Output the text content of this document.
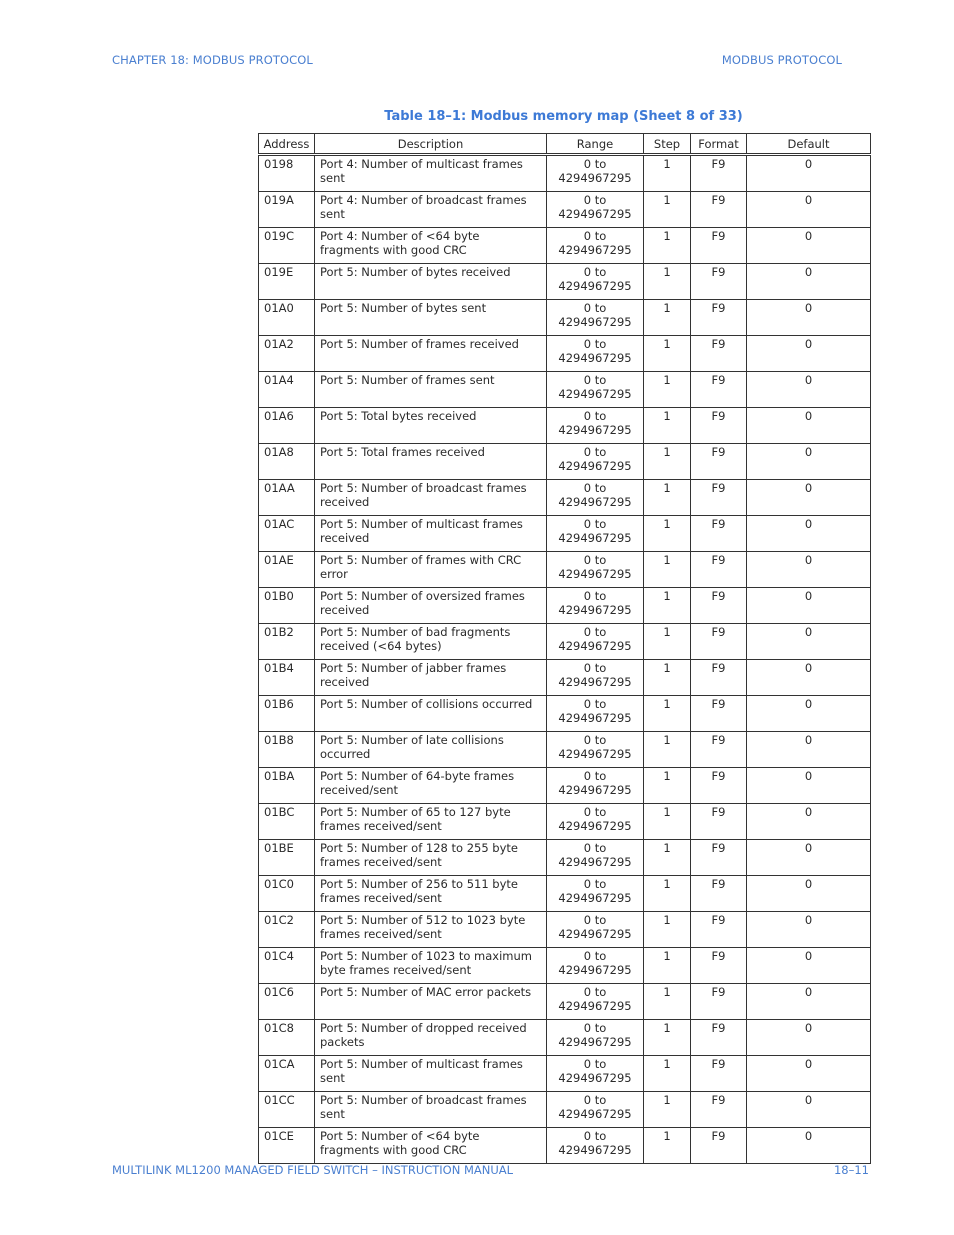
CHAPTER 18: MODBUS PROTOCOL	MODBUS PROTOCOL
Table 18–1: Modbus memory map (Sheet 8 of 33)
Address	Description	Range	Step	Format	Default
0198	Port 4: Number of multicast frames sent	0 to 4294967295	1	F9	0
019A	Port 4: Number of broadcast frames sent	0 to 4294967295	1	F9	0
019C	Port 4: Number of <64 byte fragments with good CRC	0 to 4294967295	1	F9	0
019E	Port 5: Number of bytes received	0 to 4294967295	1	F9	0
01A0	Port 5: Number of bytes sent	0 to 4294967295	1	F9	0
01A2	Port 5: Number of frames received	0 to 4294967295	1	F9	0
01A4	Port 5: Number of frames sent	0 to 4294967295	1	F9	0
01A6	Port 5: Total bytes received	0 to 4294967295	1	F9	0
01A8	Port 5: Total frames received	0 to 4294967295	1	F9	0
01AA	Port 5: Number of broadcast frames received	0 to 4294967295	1	F9	0
01AC	Port 5: Number of multicast frames received	0 to 4294967295	1	F9	0
01AE	Port 5: Number of frames with CRC error	0 to 4294967295	1	F9	0
01B0	Port 5: Number of oversized frames received	0 to 4294967295	1	F9	0
01B2	Port 5: Number of bad fragments received (<64 bytes)	0 to 4294967295	1	F9	0
01B4	Port 5: Number of jabber frames received	0 to 4294967295	1	F9	0
01B6	Port 5: Number of collisions occurred	0 to 4294967295	1	F9	0
01B8	Port 5: Number of late collisions occurred	0 to 4294967295	1	F9	0
01BA	Port 5: Number of 64-byte frames received/sent	0 to 4294967295	1	F9	0
01BC	Port 5: Number of 65 to 127 byte frames received/sent	0 to 4294967295	1	F9	0
01BE	Port 5: Number of 128 to 255 byte frames received/sent	0 to 4294967295	1	F9	0
01C0	Port 5: Number of 256 to 511 byte frames received/sent	0 to 4294967295	1	F9	0
01C2	Port 5: Number of 512 to 1023 byte frames received/sent	0 to 4294967295	1	F9	0
01C4	Port 5: Number of 1023 to maximum byte frames received/sent	0 to 4294967295	1	F9	0
01C6	Port 5: Number of MAC error packets	0 to 4294967295	1	F9	0
01C8	Port 5: Number of dropped received packets	0 to 4294967295	1	F9	0
01CA	Port 5: Number of multicast frames sent	0 to 4294967295	1	F9	0
01CC	Port 5: Number of broadcast frames sent	0 to 4294967295	1	F9	0
01CE	Port 5: Number of <64 byte fragments with good CRC	0 to 4294967295	1	F9	0
MULTILINK ML1200 MANAGED FIELD SWITCH – INSTRUCTION MANUAL	18–11
